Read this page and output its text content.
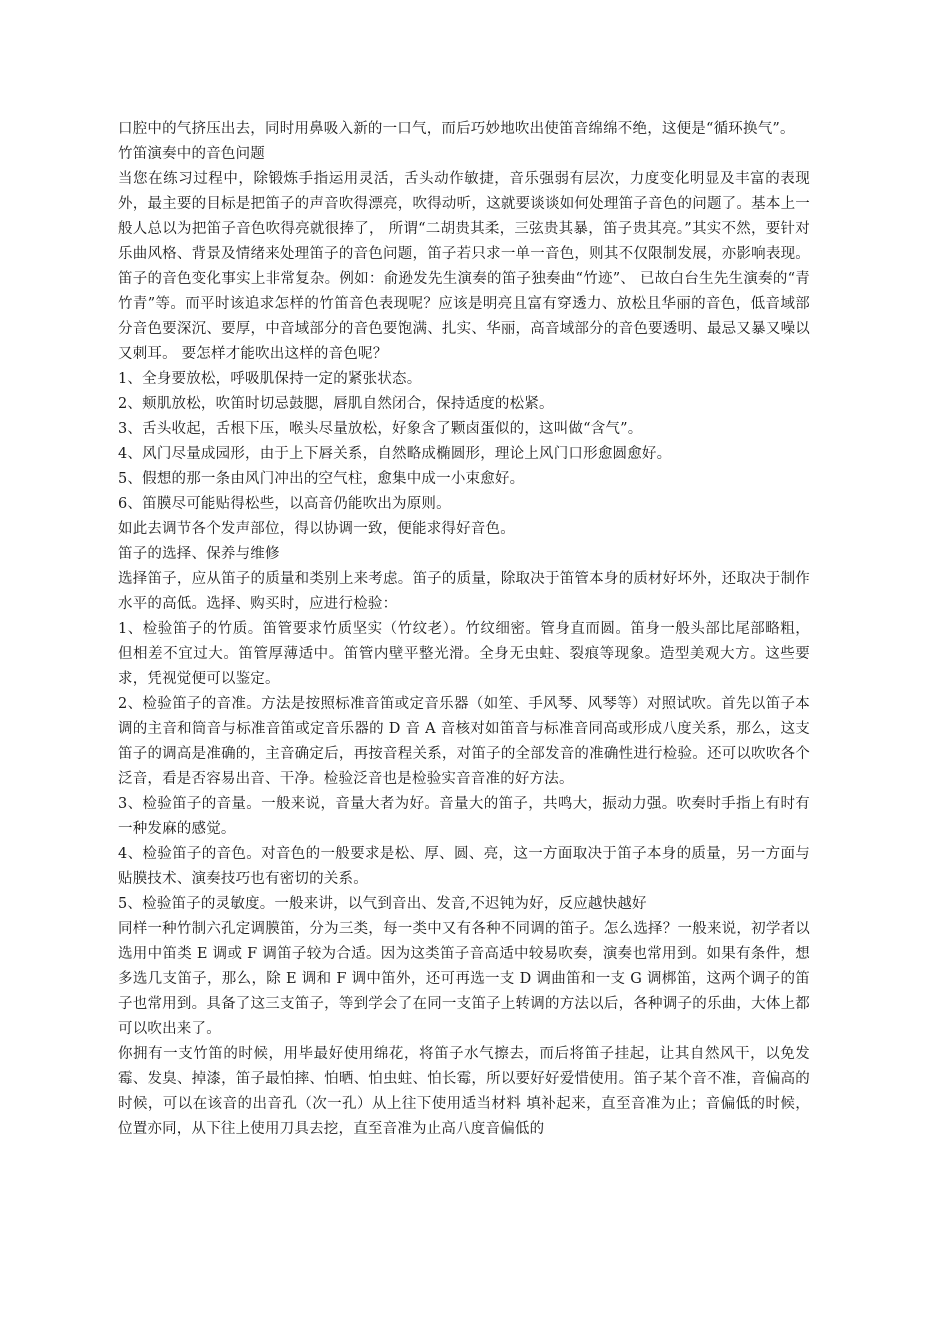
口腔中的气挤压出去，同时用鼻吸入新的一口气，而后巧妙地吹出使笛音绵绵不绝，这便是“循环换气”。

竹笛演奏中的音色问题

当您在练习过程中，除锻炼手指运用灵活，舌头动作敏捷，音乐强弱有层次，力度变化明显及丰富的表现外，最主要的目标是把笛子的声音吹得漂亮，吹得动听，这就要谈谈如何处理笛子音色的问题了。基本上一般人总以为把笛子音色吹得亮就很捧了， 所谓“二胡贵其柔，三弦贵其暴，笛子贵其亮。”其实不然，要针对乐曲风格、背景及情绪来处理笛子的音色问题，笛子若只求一单一音色，则其不仅限制发展，亦影响表现。笛子的音色变化事实上非常复杂。例如：俞逊发先生演奏的笛子独奏曲“竹迹”、 已故白台生先生演奏的“青竹青”等。而平时该追求怎样的竹笛音色表现呢？应该是明亮且富有穿透力、放松且华丽的音色，低音域部分音色要深沉、要厚，中音域部分的音色要饱满、扎实、华丽，高音域部分的音色要透明、最忌又暴又噪以又刺耳。 要怎样才能吹出这样的音色呢？

1、全身要放松，呼吸肌保持一定的紧张状态。

2、颊肌放松，吹笛时切忌鼓腮，唇肌自然闭合，保持适度的松紧。

3、舌头收起，舌根下压，喉头尽量放松，好象含了颗卤蛋似的，这叫做“含气”。

4、风门尽量成园形，由于上下唇关系，自然略成椭圆形，理论上风门口形愈圆愈好。

5、假想的那一条由风门冲出的空气柱，愈集中成一小束愈好。

6、笛膜尽可能贴得松些，以高音仍能吹出为原则。

如此去调节各个发声部位，得以协调一致，便能求得好音色。

笛子的选择、保养与维修

选择笛子，应从笛子的质量和类别上来考虑。笛子的质量，除取决于笛管本身的质材好坏外，还取决于制作水平的高低。选择、购买时，应进行检验：

1、检验笛子的竹质。笛管要求竹质坚实（竹纹老）。竹纹细密。管身直而圆。笛身一般头部比尾部略粗，但相差不宜过大。笛管厚薄适中。笛管内壁平整光滑。全身无虫蛀、裂痕等现象。造型美观大方。这些要求，凭视觉便可以鉴定。

2、检验笛子的音准。方法是按照标准音笛或定音乐器（如笙、手风琴、风琴等）对照试吹。首先以笛子本调的主音和筒音与标准音笛或定音乐器的 D 音 A 音核对如笛音与标准音同高或形成八度关系，那么，这支笛子的调高是准确的，主音确定后，再按音程关系，对笛子的全部发音的准确性进行检验。还可以吹吹各个泛音，看是否容易出音、干净。检验泛音也是检验实音音准的好方法。

3、检验笛子的音量。一般来说，音量大者为好。音量大的笛子，共鸣大，振动力强。吹奏时手指上有时有一种发麻的感觉。

4、检验笛子的音色。对音色的一般要求是松、厚、圆、亮，这一方面取决于笛子本身的质量，另一方面与贴膜技术、演奏技巧也有密切的关系。

5、检验笛子的灵敏度。一般来讲，以气到音出、发音,不迟钝为好，反应越快越好

同样一种竹制六孔定调膜笛，分为三类，每一类中又有各种不同调的笛子。怎么选择？一般来说，初学者以选用中笛类 E 调或 F 调笛子较为合适。因为这类笛子音高适中较易吹奏，演奏也常用到。如果有条件，想多选几支笛子，那么，除 E 调和 F 调中笛外，还可再选一支 D 调曲笛和一支 G 调梆笛，这两个调子的笛子也常用到。具备了这三支笛子，等到学会了在同一支笛子上转调的方法以后，各种调子的乐曲，大体上都可以吹出来了。

你拥有一支竹笛的时候，用毕最好使用绵花，将笛子水气擦去，而后将笛子挂起，让其自然风干，以免发霉、发臭、掉漆，笛子最怕摔、怕晒、怕虫蛀、怕长霉，所以要好好爱惜使用。笛子某个音不准，音偏高的时候，可以在该音的出音孔（次一孔）从上往下使用适当材料 填补起来，直至音准为止；音偏低的时候，位置亦同，从下往上使用刀具去挖，直至音准为止高八度音偏低的
